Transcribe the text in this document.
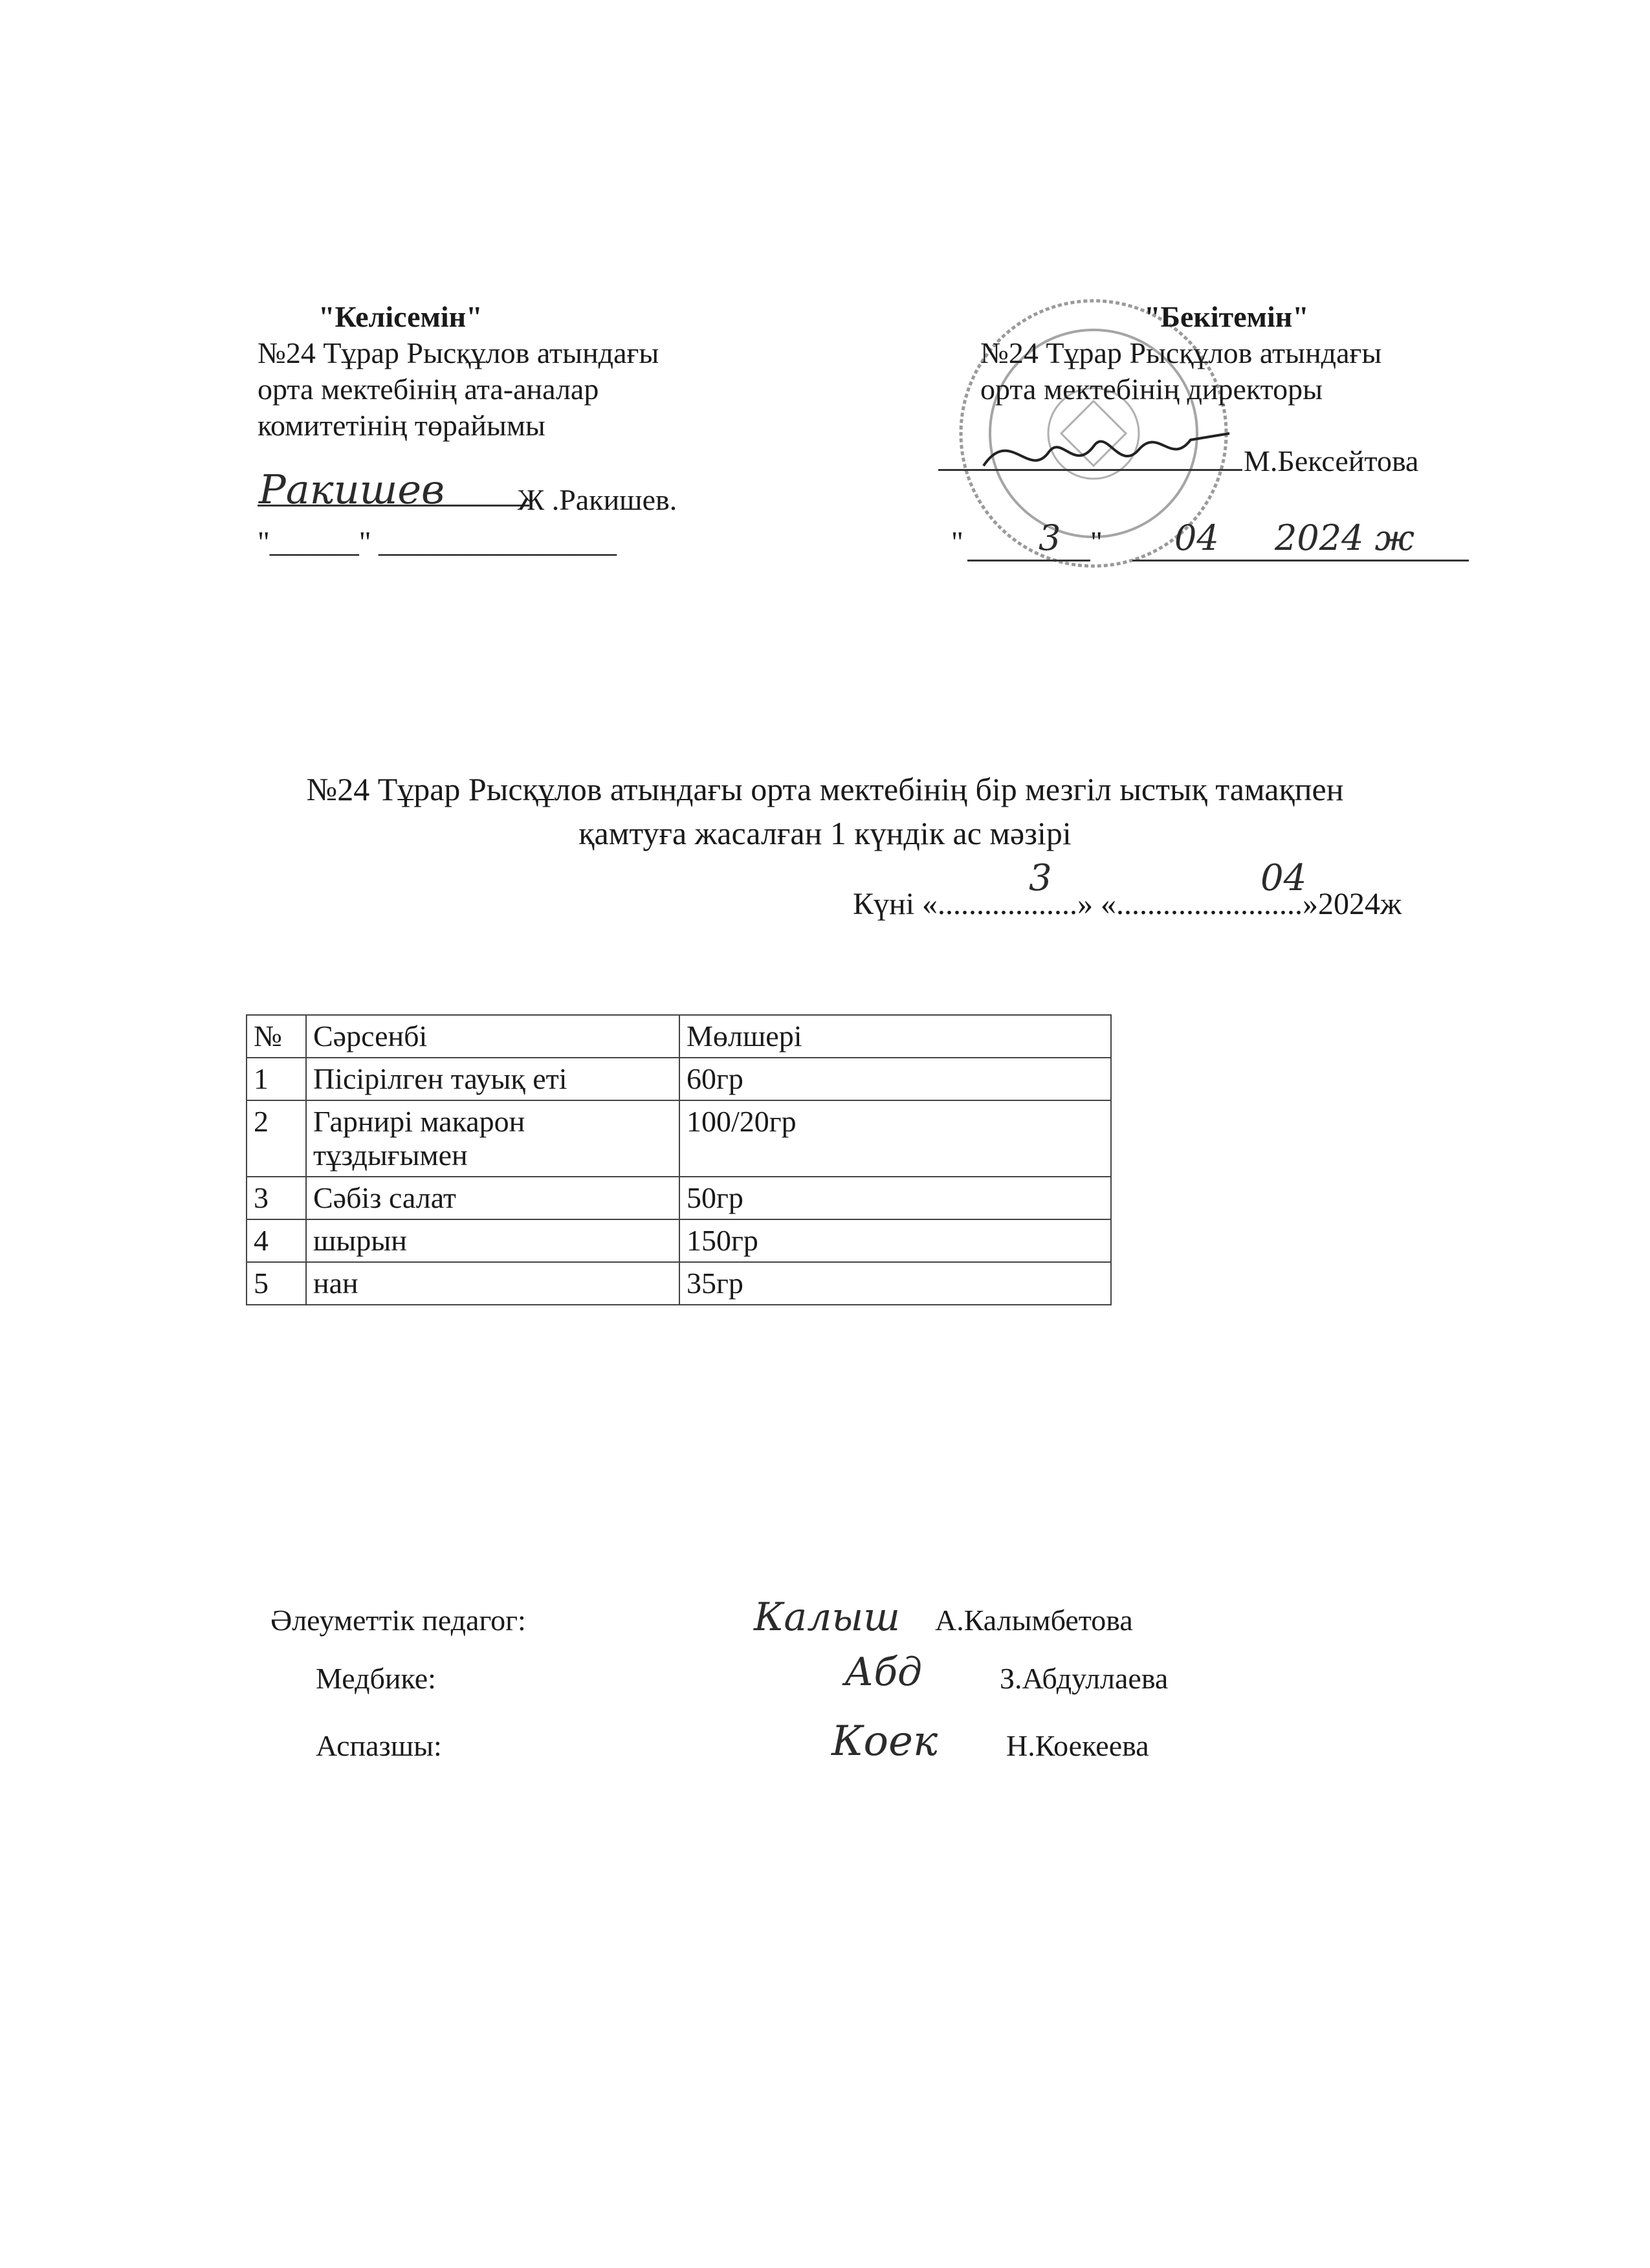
"Келісемін"
№24 Тұрар Рысқұлов атындағы
орта мектебінің ата-аналар
комитетінің төрайымы
Ракишев Ж .Ракишев.
"______" ________________
"Бекітемін"
№24 Тұрар Рысқұлов атындағы
орта мектебінің директоры
М.Бексейтова
" 3 " 04 2024 ж
№24 Тұрар Рысқұлов атындағы орта мектебінің бір мезгіл ыстық тамақпен
қамтуға жасалған 1 күндік ас мәзірі
Күні «..................» «........................»2024ж
3	04
№	Сәрсенбі	Мөлшері
1	Пісірілген тауық еті	60гр
2	Гарнирі макарон тұздығымен	100/20гр
3	Сәбіз салат	50гр
4	шырын	150гр
5	нан	35гр
Әлеуметтік педагог:	Калыш А.Калымбетова
Медбике:	Абд	З.Абдуллаева
Аспазшы:	Коек Н.Коекеева
